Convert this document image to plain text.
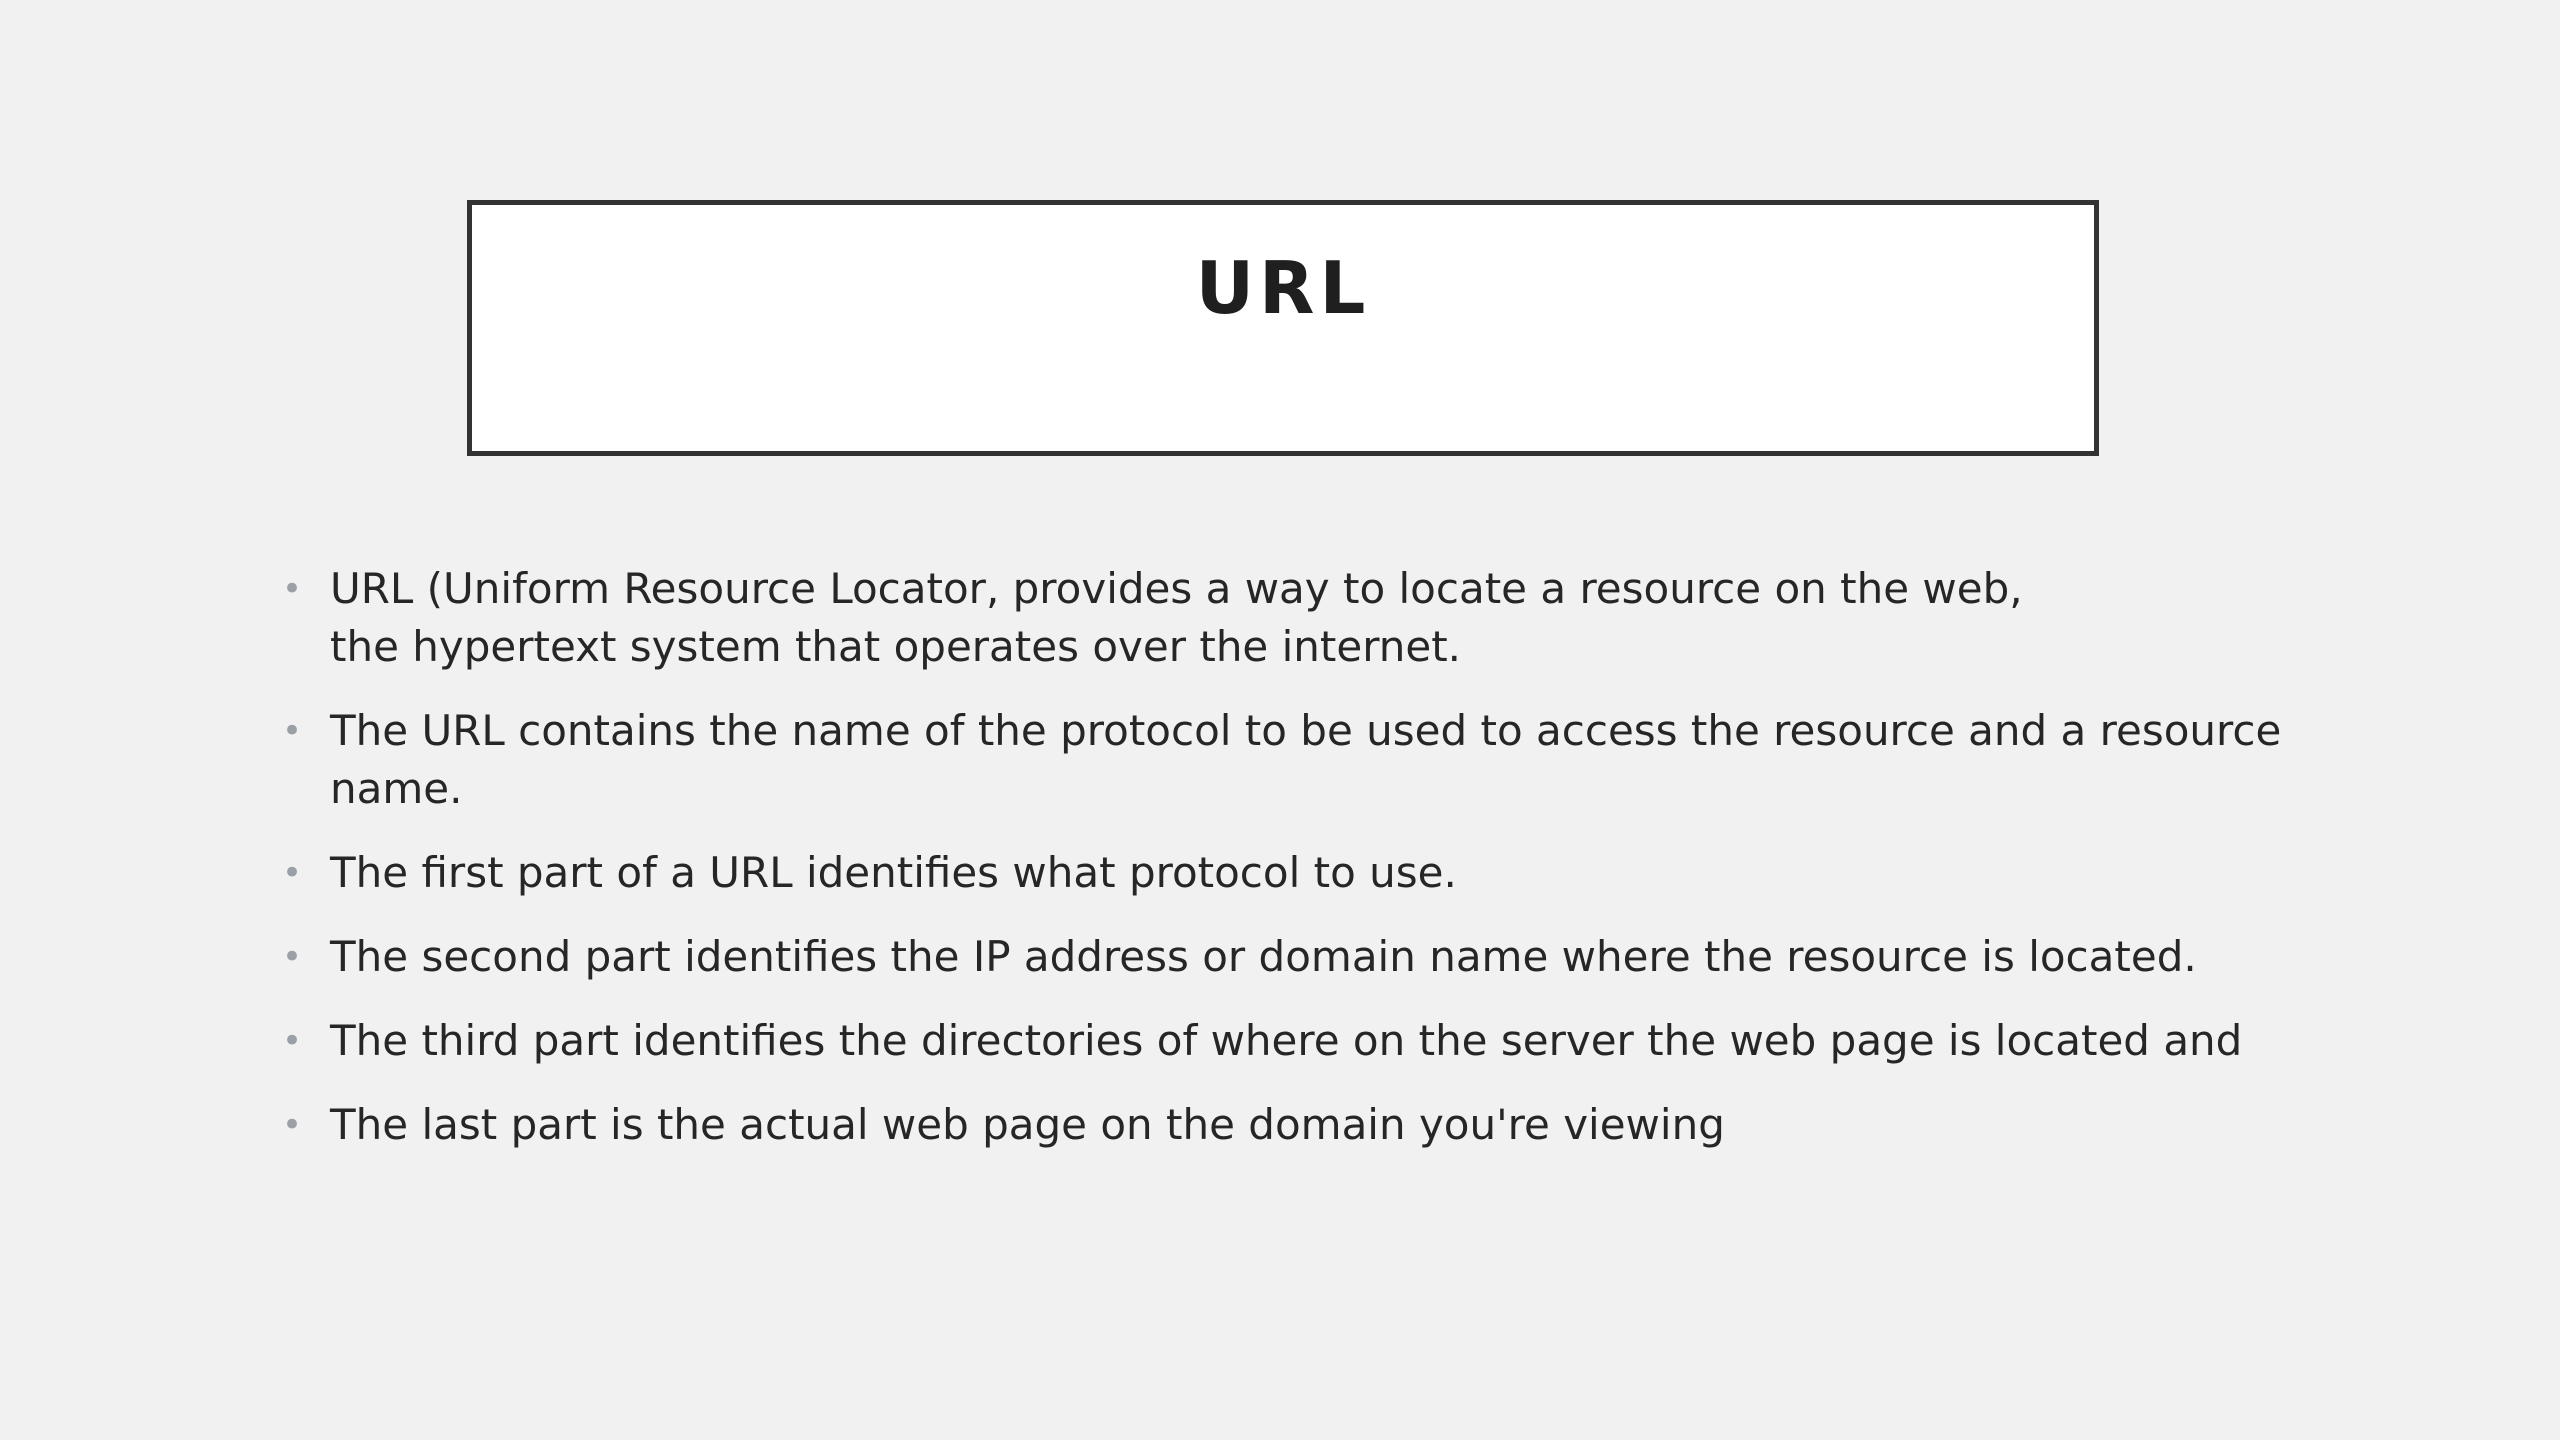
URL
• URL (Uniform Resource Locator, provides a way to locate a resource on the web,
the hypertext system that operates over the internet.
• The URL contains the name of the protocol to be used to access the resource and a resource
name.
• The first part of a URL identifies what protocol to use.
• The second part identifies the IP address or domain name where the resource is located.
• The third part identifies the directories of where on the server the web page is located and
• The last part is the actual web page on the domain you're viewing
